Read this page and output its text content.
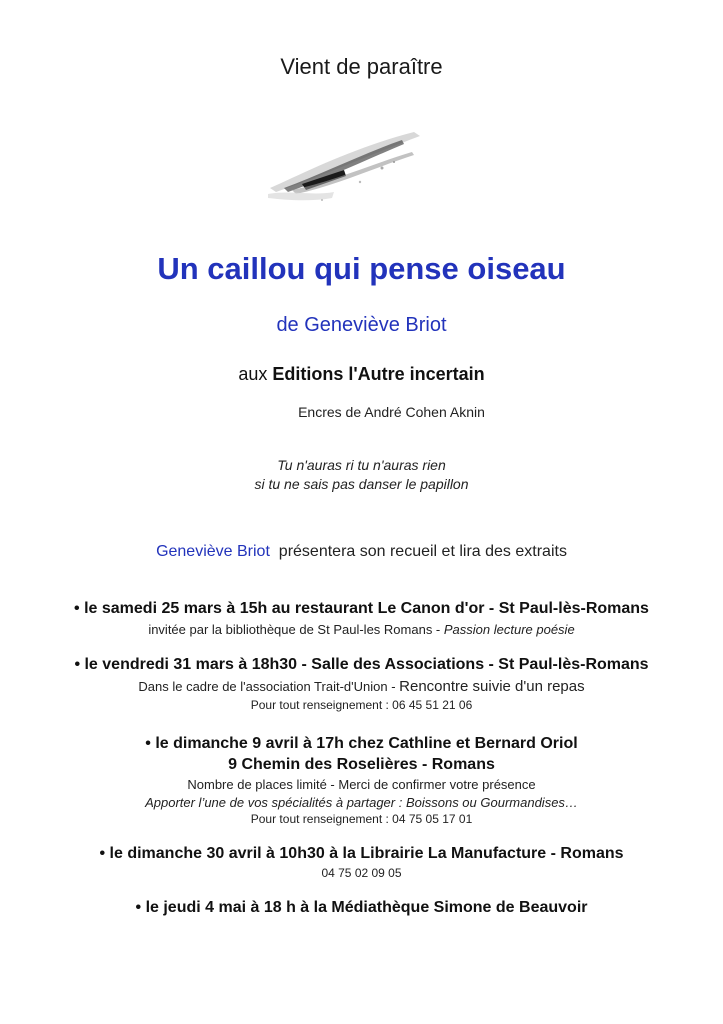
Vient de paraître
Un caillou qui pense oiseau
de Geneviève Briot
aux Editions l'Autre incertain
Encres de André Cohen Aknin
Tu n'auras ri tu n'auras rien
si tu ne sais pas danser le papillon
Geneviève Briot présentera son recueil et lira des extraits
• le samedi 25 mars à 15h au restaurant Le Canon d'or - St Paul-lès-Romans
invitée par la bibliothèque de St Paul-les Romans - Passion lecture poésie
• le vendredi 31 mars à 18h30 - Salle des Associations - St Paul-lès-Romans
Dans le cadre de l'association Trait-d'Union - Rencontre suivie d'un repas
Pour tout renseignement : 06 45 51 21 06
• le dimanche 9 avril à 17h chez Cathline et Bernard Oriol
9 Chemin des Roselières - Romans
Nombre de places limité - Merci de confirmer votre présence
Apporter l’une de vos spécialités à partager : Boissons ou Gourmandises…
Pour tout renseignement : 04 75 05 17 01
• le dimanche 30 avril à 10h30 à la Librairie La Manufacture - Romans
04 75 02 09 05
• le jeudi 4 mai à 18 h à la Médiathèque Simone de Beauvoir
